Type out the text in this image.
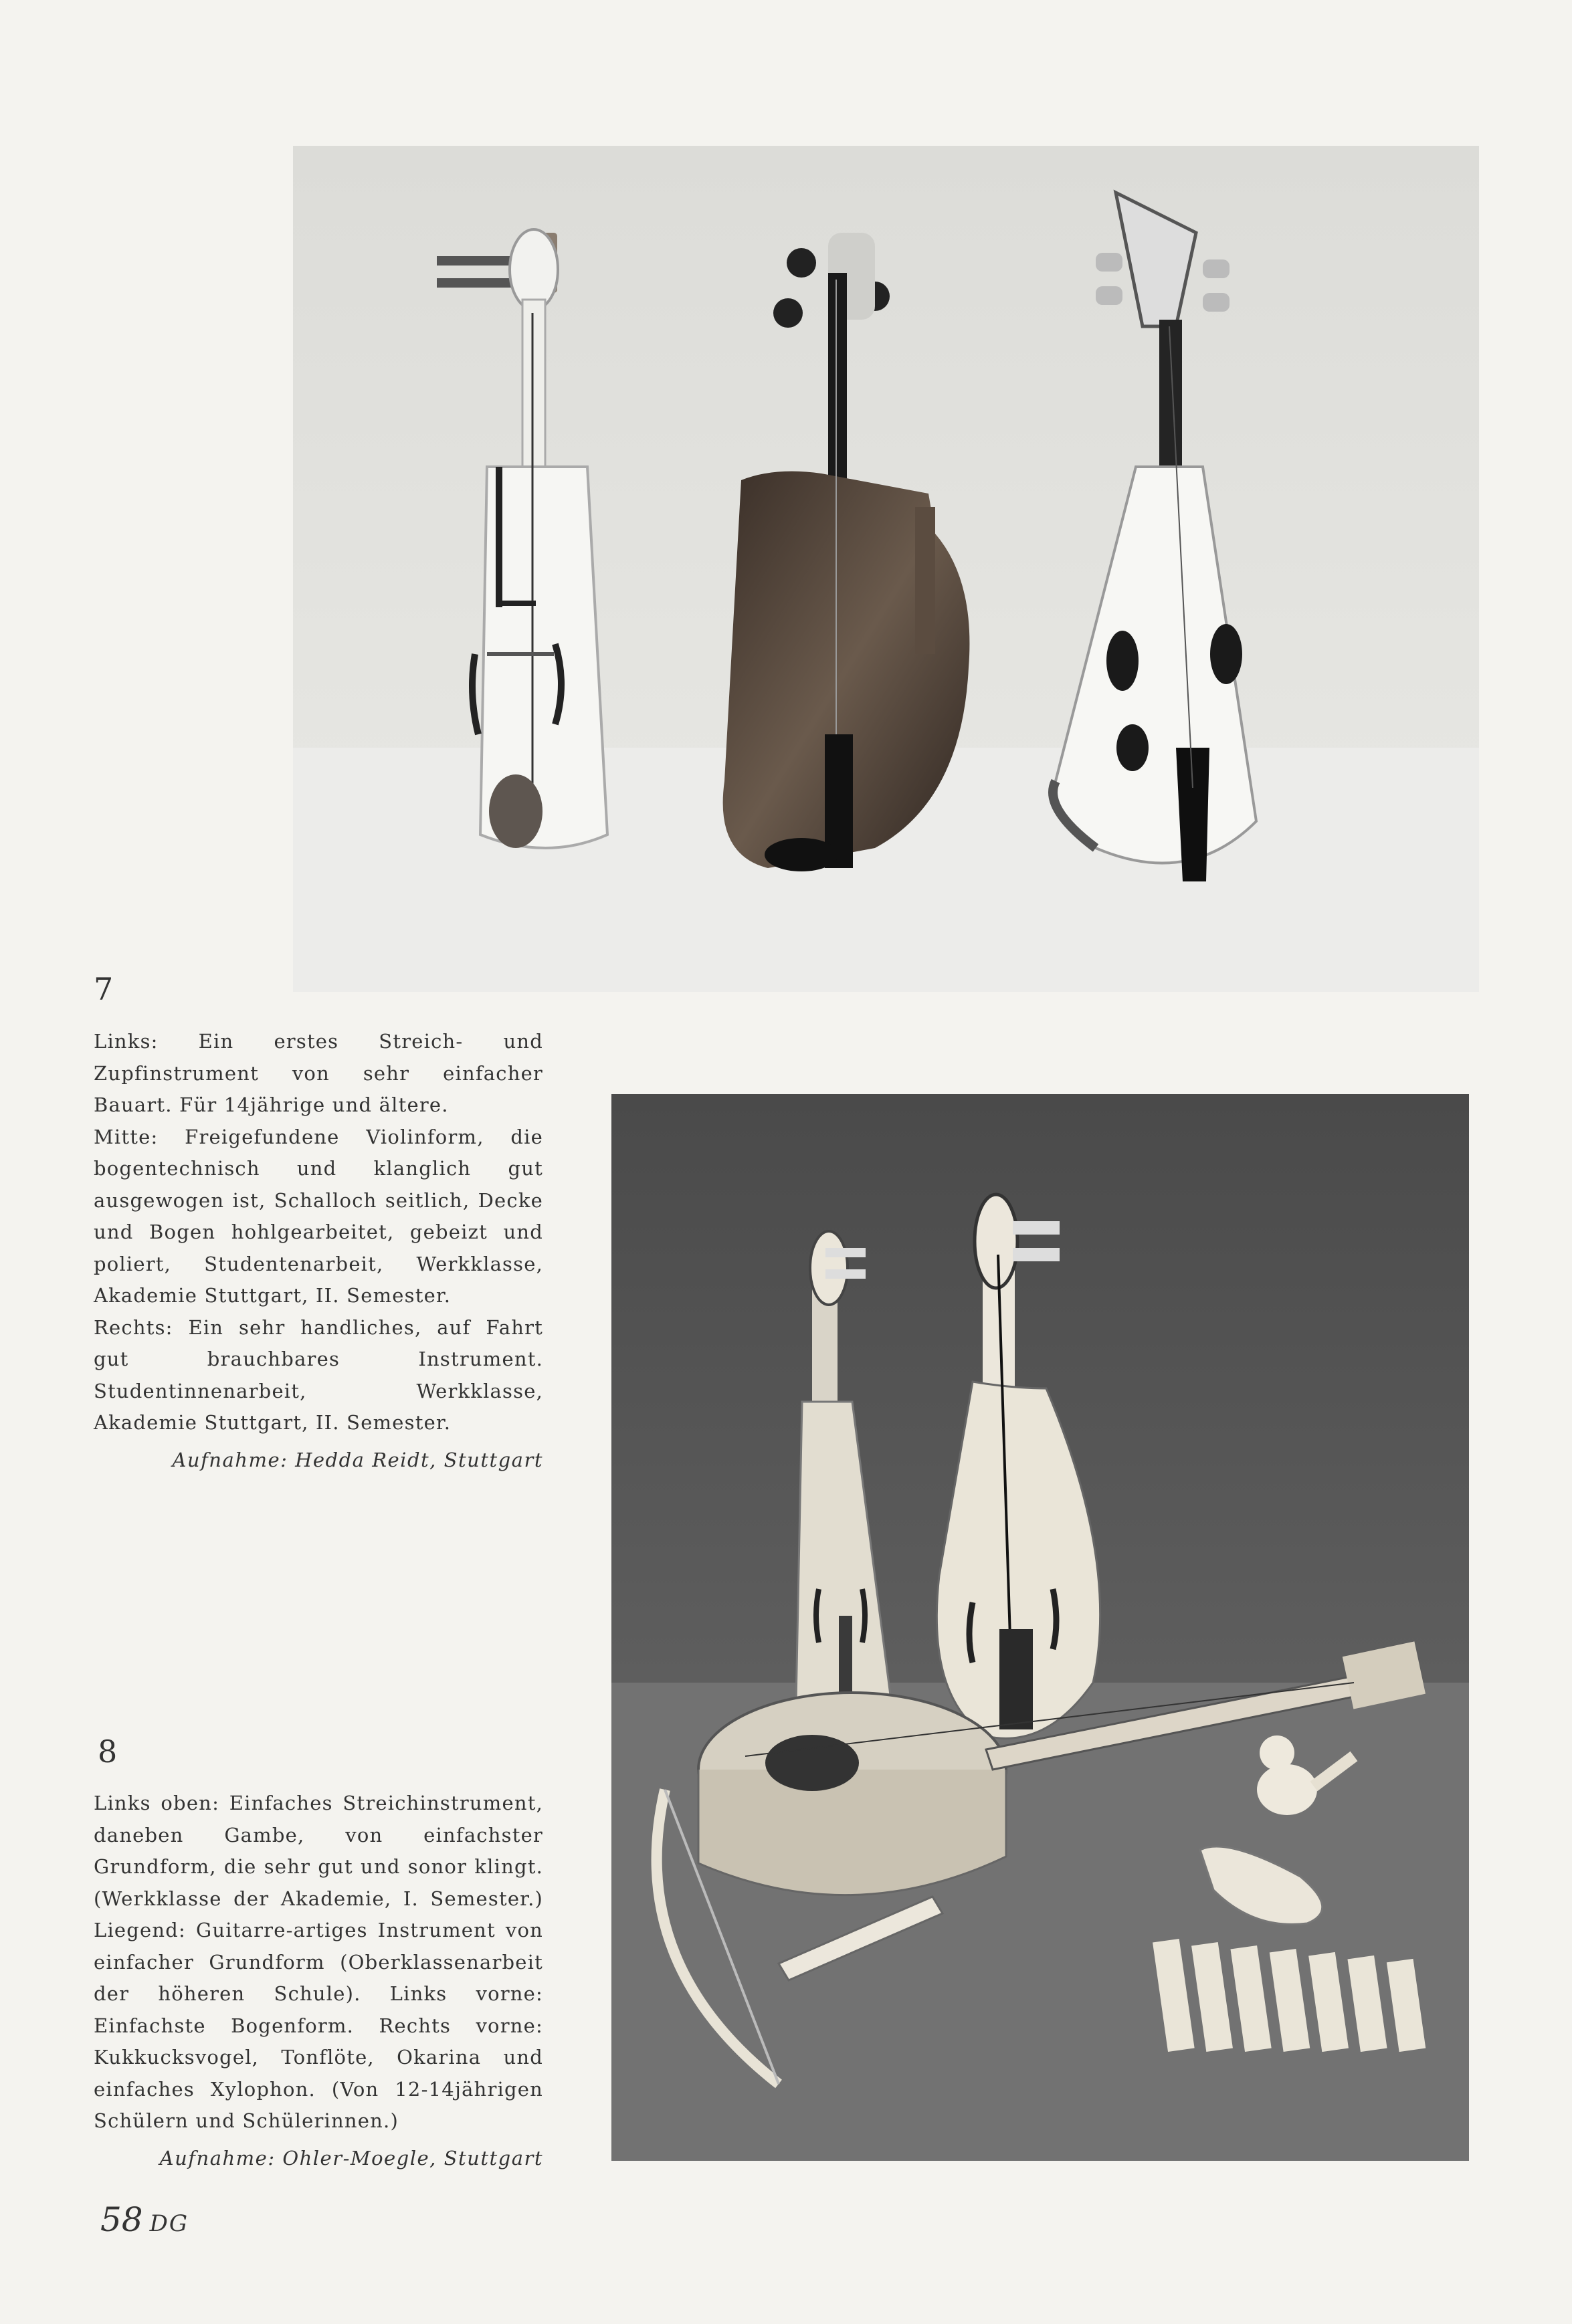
7

Links: Ein erstes Streich- und Zupfinstrument von sehr einfacher Bauart. Für 14jährige und ältere.

Mitte: Freigefundene Violinform, die bogentechnisch und klanglich gut ausgewogen ist, Schalloch seitlich, Decke und Bogen hohlgearbeitet, gebeizt und poliert, Studentenarbeit, Werkklasse, Akademie Stuttgart, II. Semester.

Rechts: Ein sehr handliches, auf Fahrt gut brauchbares Instrument. Studentinnenarbeit, Werkklasse, Akademie Stuttgart, II. Semester.

Aufnahme: Hedda Reidt, Stuttgart

8

Links oben: Einfaches Streichinstrument, daneben Gambe, von einfachster Grundform, die sehr gut und sonor klingt. (Werkklasse der Akademie, I. Semester.) Liegend: Guitarre-artiges Instrument von einfacher Grundform (Oberklassenarbeit der höheren Schule). Links vorne: Einfachste Bogenform. Rechts vorne: Kukkucksvogel, Tonflöte, Okarina und einfaches Xylophon. (Von 12-14jährigen Schülern und Schülerinnen.)

Aufnahme: Ohler-Moegle, Stuttgart

58 DG
